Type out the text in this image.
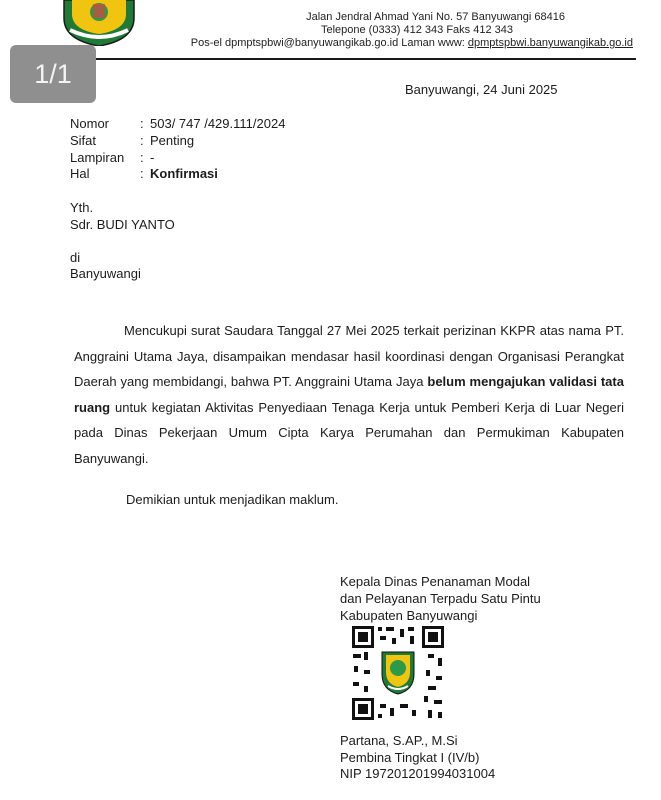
Jalan Jendral Ahmad Yani No. 57 Banyuwangi 68416
Telepone (0333) 412 343 Faks 412 343
Pos-el dpmptspbwi@banyuwangikab.go.id Laman www: dpmptspbwi.banyuwangikab.go.id
1/1
Banyuwangi, 24 Juni 2025
Nomor : 503/ 747 /429.111/2024
Sifat	: Penting
Lampiran : -
Hal	: Konfirmasi
Yth.
Sdr. BUDI YANTO
di
Banyuwangi
Mencukupi surat Saudara Tanggal 27 Mei 2025 terkait perizinan KKPR atas nama PT. Anggraini Utama Jaya, disampaikan mendasar hasil koordinasi dengan Organisasi Perangkat Daerah yang membidangi, bahwa PT. Anggraini Utama Jaya belum mengajukan validasi tata ruang untuk kegiatan Aktivitas Penyediaan Tenaga Kerja untuk Pemberi Kerja di Luar Negeri pada Dinas Pekerjaan Umum Cipta Karya Perumahan dan Permukiman Kabupaten Banyuwangi.
Demikian untuk menjadikan maklum.
Kepala Dinas Penanaman Modal
dan Pelayanan Terpadu Satu Pintu
Kabupaten Banyuwangi
Partana, S.AP., M.Si
Pembina Tingkat I (IV/b)
NIP 197201201994031004
